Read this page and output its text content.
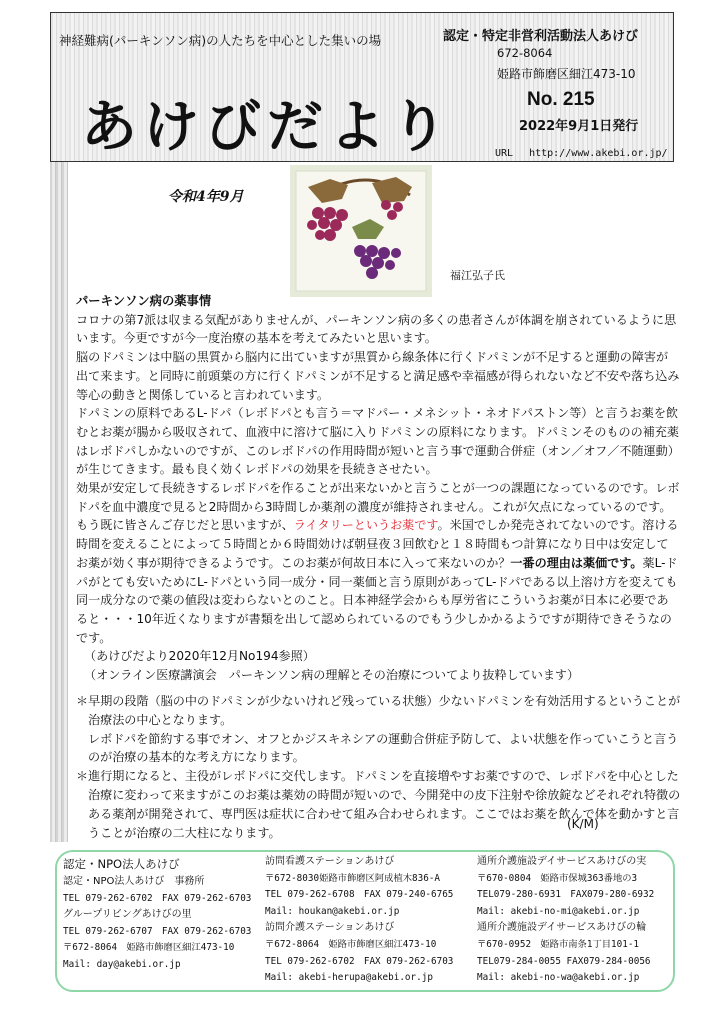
神経難病(パーキンソン病)の人たちを中心とした集いの場
あけびだより
認定・特定非営利活動法人あけび
672-8064
姫路市飾磨区細江473-10
No. 215
2022年9月1日発行
URL　 http://www.akebi.or.jp/
令和4年9月
福江弘子氏
パーキンソン病の薬事情

コロナの第7派は収まる気配がありませんが、パーキンソン病の多くの患者さんが体調を崩されているように思います。今更ですが今一度治療の基本を考えてみたいと思います。

脳のドパミンは中脳の黒質から脳内に出ていますが黒質から線条体に行くドパミンが不足すると運動の障害が出て来ます。と同時に前頭葉の方に行くドパミンが不足すると満足感や幸福感が得られないなど不安や落ち込み等心の動きと関係していると言われています。

ドパミンの原料であるL-ドパ（レボドパとも言う＝マドパー・メネシット・ネオドパストン等）と言うお薬を飲むとお薬が腸から吸収されて、血液中に溶けて脳に入りドパミンの原料になります。ドパミンそのものの補充薬はレボドパしかないのですが、このレボドパの作用時間が短いと言う事で運動合併症（オン／オフ／不随運動）が生じてきます。最も良く効くレボドパの効果を長続きさせたい。

効果が安定して長続きするレボドパを作ることが出来ないかと言うことが一つの課題になっているのです。レボドパを血中濃度で見ると2時間から3時間しか薬剤の濃度が維持されません。これが欠点になっているのです。もう既に皆さんご存じだと思いますが、ライタリーというお薬です。米国でしか発売されてないのです。溶ける時間を変えることによって５時間とか６時間効けば朝昼夜３回飲むと１８時間もつ計算になり日中は安定してお薬が効く事が期待できるようです。このお薬が何故日本に入って来ないのか？一番の理由は薬価です。薬L-ドパがとても安いためにL-ドパという同一成分・同一薬価と言う原則があってL-ドパである以上溶け方を変えても同一成分なので薬の値段は変わらないとのこと。日本神経学会からも厚労省にこういうお薬が日本に必要であると・・・10年近くなりますが書類を出して認められているのでもう少しかかるようですが期待できそうなのです。

（あけびだより2020年12月No194参照）
（オンライン医療講演会　パーキンソン病の理解とその治療についてより抜粋しています）

＊早期の段階（脳の中のドパミンが少ないけれど残っている状態）少ないドパミンを有効活用するということが治療法の中心となります。

レボドパを節約する事でオン、オフとかジスキネシアの運動合併症予防して、よい状態を作っていこうと言うのが治療の基本的な考え方になります。

＊進行期になると、主役がレボドパに交代します。ドパミンを直接増やすお薬ですので、レボドパを中心とした治療に変わって来ますがこのお薬は薬効の時間が短いので、今開発中の皮下注射や徐放錠などそれぞれ特徴のある薬剤が開発されて、専門医は症状に合わせて組み合わせられます。ここではお薬を飲んで体を動かすと言うことが治療の二大柱になります。

(K/M)
認定・NPO法人あけび
認定・NPO法人あけび　事務所
TEL 079-262-6702　FAX 079-262-6703
グループリビングあけびの里
TEL 079-262-6707　FAX 079-262-6703
〒672-8064　姫路市飾磨区細江473-10
Mail: day@akebi.or.jp
訪問看護ステーションあけび
〒672-8030姫路市飾磨区阿成植木836-A
TEL 079-262-6708　FAX 079-240-6765
Mail: houkan@akebi.or.jp
訪問介護ステーションあけび
〒672-8064　姫路市飾磨区細江473-10
TEL 079-262-6702　FAX 079-262-6703
Mail: akebi-herupa@akebi.or.jp
通所介護施設デイサービスあけびの実
〒670-0804　姫路市保城363番地の3
TEL079-280-6931　FAX079-280-6932
Mail: akebi-no-mi@akebi.or.jp
通所介護施設デイサービスあけびの輪
〒670-0952　姫路市南条1丁目101-1
TEL079-284-0055 FAX079-284-0056
Mail: akebi-no-wa@akebi.or.jp
